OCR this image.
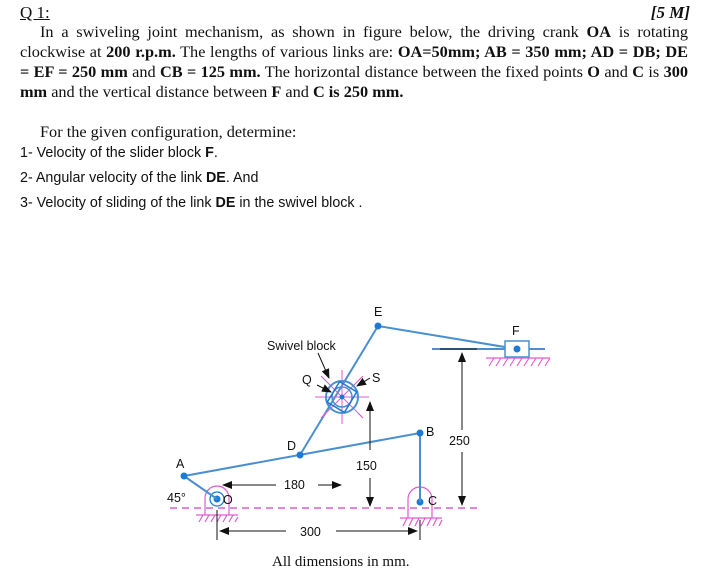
Q 1:	[5 M]

In a swiveling joint mechanism, as shown in figure below, the driving crank OA is rotating clockwise at 200 r.p.m. The lengths of various links are: OA=50mm; AB = 350 mm; AD = DB; DE = EF = 250 mm and CB = 125 mm. The horizontal distance between the fixed points O and C is 300 mm and the vertical distance between F and C is 250 mm.

For the given configuration, determine:
1- Velocity of the slider block F.
2- Angular velocity of the link DE. And
3- Velocity of sliding of the link DE in the swivel block .
Swivel block
E
F
Q	S
D
B
A
O	C
45°
250
150
180
300
All dimensions in mm.
